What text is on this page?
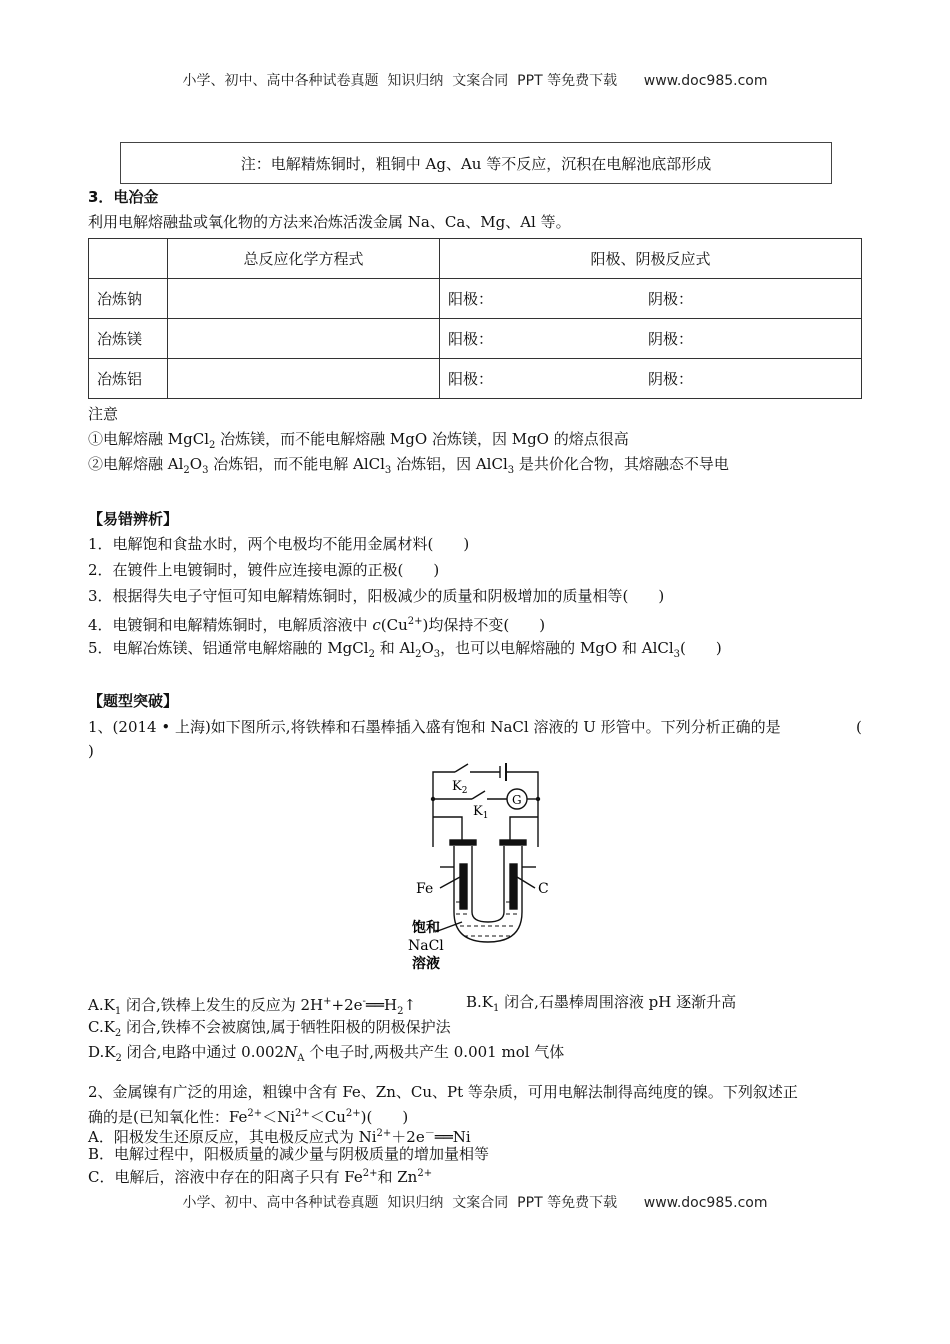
小学、初中、高中各种试卷真题  知识归纳  文案合同  PPT 等免费下载      www.doc985.com
注：电解精炼铜时，粗铜中 Ag、Au 等不反应，沉积在电解池底部形成
3．电冶金
利用电解熔融盐或氧化物的方法来冶炼活泼金属 Na、Ca、Mg、Al 等。
	总反应化学方程式	阳极、阴极反应式
冶炼钠		阳极： 阴极：
冶炼镁		阳极： 阴极：
冶炼铝		阳极： 阴极：
注意
①电解熔融 MgCl$_2$ 冶炼镁，而不能电解熔融 MgO 冶炼镁，因 MgO 的熔点很高
②电解熔融 $Al_2O_3$ 冶炼铝，而不能电解 AlCl$_3$ 冶炼铝，因 AlCl$_3$ 是共价化合物，其熔融态不导电
【易错辨析】
1．电解饱和食盐水时，两个电极均不能用金属材料(　　)
2．在镀件上电镀铜时，镀件应连接电源的正极(　　)
3．根据得失电子守恒可知电解精炼铜时，阳极减少的质量和阴极增加的质量相等(　　)
4．电镀铜和电解精炼铜时，电解质溶液中 $c(Cu^{2+})$均保持不变(　　)
5．电解冶炼镁、铝通常电解熔融的 MgCl$_2$ 和 $Al_2O_3$，也可以电解熔融的 MgO 和 AlCl$_3$(　　)
【题型突破】
1、(2014 • 上海)如下图所示,将铁棒和石墨棒插入盛有饱和 NaCl 溶液的 U 形管中。下列分析正确的是	(
)
$K_2$
$K_1$
G
Fe	C
饱和
NaCl
溶液
$A.K_1$ 闭合,铁棒上发生的反应为 $2H^++2e^-══H_2↑$	$B.K_1$ 闭合,石墨棒周围溶液 pH 逐渐升高
$C.K_2$ 闭合,铁棒不会被腐蚀,属于牺牲阳极的阴极保护法
$D.K_2$ 闭合,电路中通过 $0.002N_A$ 个电子时,两极共产生 0.001 mol 气体
2、金属镍有广泛的用途，粗镍中含有 Fe、Zn、Cu、Pt 等杂质，可用电解法制得高纯度的镍。下列叙述正
确的是(已知氧化性：$Fe^{2+}<Ni^{2+}<Cu^{2+}$)(　　)
A．阳极发生还原反应，其电极反应式为 $Ni^{2+}+2e^-══Ni$
B．电解过程中，阳极质量的减少量与阴极质量的增加量相等
C．电解后，溶液中存在的阳离子只有 $Fe^{2+}$和 $Zn^{2+}$
小学、初中、高中各种试卷真题  知识归纳  文案合同  PPT 等免费下载      www.doc985.com
